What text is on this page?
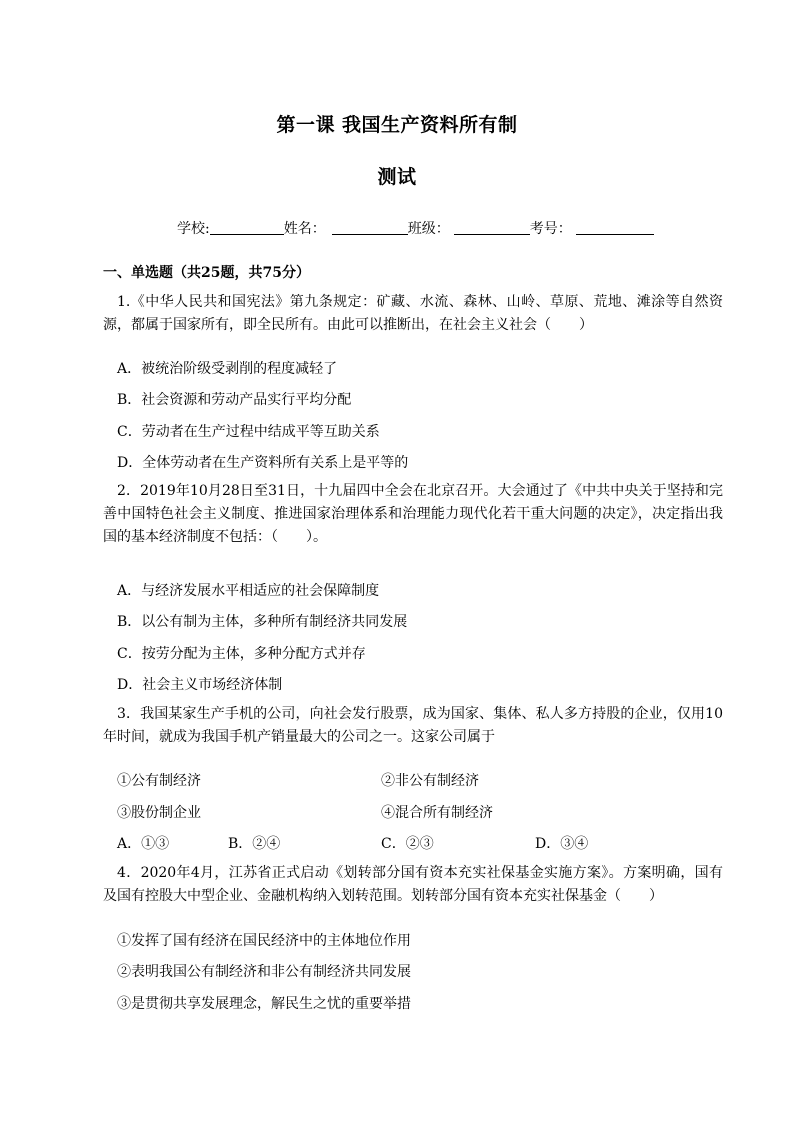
第一课 我国生产资料所有制
测试
学校:	姓名：	班级：	考号：
一、单选题（共25题，共75分）
1.《中华人民共和国宪法》第九条规定：矿藏、水流、森林、山岭、草原、荒地、滩涂等自然资源，都属于国家所有，即全民所有。由此可以推断出，在社会主义社会（　　）
A．被统治阶级受剥削的程度减轻了
B．社会资源和劳动产品实行平均分配
C．劳动者在生产过程中结成平等互助关系
D．全体劳动者在生产资料所有关系上是平等的
2．2019年10月28日至31日，十九届四中全会在北京召开。大会通过了《中共中央关于坚持和完善中国特色社会主义制度、推进国家治理体系和治理能力现代化若干重大问题的决定》，决定指出我国的基本经济制度不包括：（　　）。
A．与经济发展水平相适应的社会保障制度
B．以公有制为主体，多种所有制经济共同发展
C．按劳分配为主体，多种分配方式并存
D．社会主义市场经济体制
3．我国某家生产手机的公司，向社会发行股票，成为国家、集体、私人多方持股的企业，仅用10年时间，就成为我国手机产销量最大的公司之一。这家公司属于
①公有制经济	②非公有制经济
③股份制企业	④混合所有制经济
A．①③	B．②④	C．②③	D．③④
4．2020年4月，江苏省正式启动《划转部分国有资本充实社保基金实施方案》。方案明确，国有及国有控股大中型企业、金融机构纳入划转范围。划转部分国有资本充实社保基金（　　）
①发挥了国有经济在国民经济中的主体地位作用
②表明我国公有制经济和非公有制经济共同发展
③是贯彻共享发展理念，解民生之忧的重要举措
